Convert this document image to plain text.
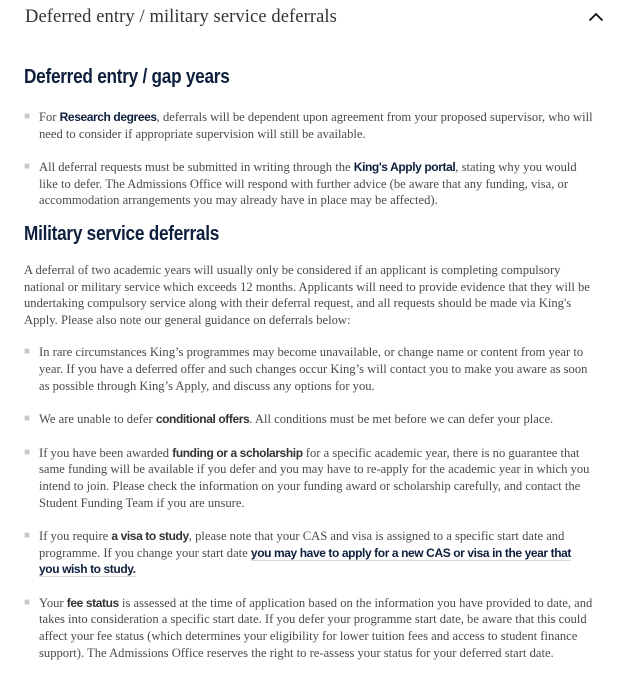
Deferred entry / military service deferrals
Deferred entry / gap years
■ For Research degrees, deferrals will be dependent upon agreement from your proposed supervisor, who will need to consider if appropriate supervision will still be available.
■ All deferral requests must be submitted in writing through the King's Apply portal, stating why you would like to defer. The Admissions Office will respond with further advice (be aware that any funding, visa, or accommodation arrangements you may already have in place may be affected).
Military service deferrals

A deferral of two academic years will usually only be considered if an applicant is completing compulsory national or military service which exceeds 12 months. Applicants will need to provide evidence that they will be undertaking compulsory service along with their deferral request, and all requests should be made via King's Apply. Please also note our general guidance on deferrals below:

■ In rare circumstances King’s programmes may become unavailable, or change name or content from year to year. If you have a deferred offer and such changes occur King’s will contact you to make you aware as soon as possible through King’s Apply, and discuss any options for you.
■ We are unable to defer conditional offers. All conditions must be met before we can defer your place.
■ If you have been awarded funding or a scholarship for a specific academic year, there is no guarantee that same funding will be available if you defer and you may have to re-apply for the academic year in which you intend to join. Please check the information on your funding award or scholarship carefully, and contact the Student Funding Team if you are unsure.
■ If you require a visa to study, please note that your CAS and visa is assigned to a specific start date and programme. If you change your start date you may have to apply for a new CAS or visa in the year that you wish to study.
■ Your fee status is assessed at the time of application based on the information you have provided to date, and takes into consideration a specific start date. If you defer your programme start date, be aware that this could affect your fee status (which determines your eligibility for lower tuition fees and access to student finance support). The Admissions Office reserves the right to re-assess your status for your deferred start date.
